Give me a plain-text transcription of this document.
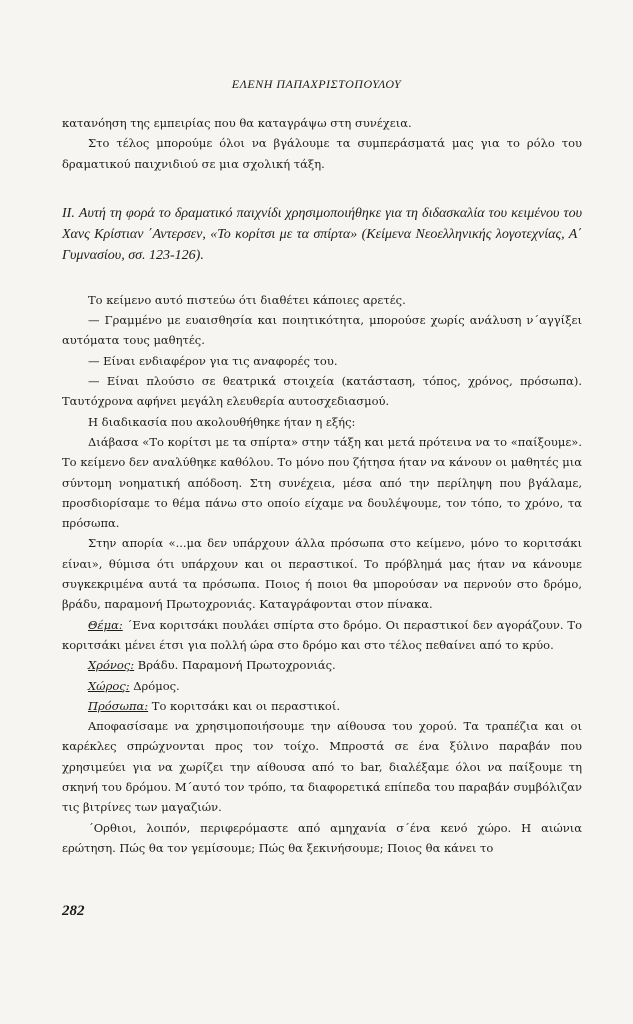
ΕΛΕΝΗ ΠΑΠΑΧΡΙΣΤΟΠΟΥΛΟΥ

κατανόηση της εμπειρίας που θα καταγράψω στη συνέχεια.

Στο τέλος μπορούμε όλοι να βγάλουμε τα συμπεράσματά μας για το ρόλο του δραματικού παιχνιδιού σε μια σχολική τάξη.

II. Αυτή τη φορά το δραματικό παιχνίδι χρησιμοποιήθηκε για τη διδασκαλία του κειμένου του Χανς Κρίστιαν ΄Αντερσεν, «Το κορίτσι με τα σπίρτα» (Κείμενα Νεοελληνικής λογοτεχνίας, Α΄ Γυμνασίου, σσ. 123-126).

Το κείμενο αυτό πιστεύω ότι διαθέτει κάποιες αρετές.

— Γραμμένο με ευαισθησία και ποιητικότητα, μπορούσε χωρίς ανάλυση ν΄αγγίξει αυτόματα τους μαθητές.

— Είναι ενδιαφέρον για τις αναφορές του.

— Είναι πλούσιο σε θεατρικά στοιχεία (κατάσταση, τόπος, χρόνος, πρόσωπα). Ταυτόχρονα αφήνει μεγάλη ελευθερία αυτοσχεδιασμού.

Η διαδικασία που ακολουθήθηκε ήταν η εξής:

Διάβασα «Το κορίτσι με τα σπίρτα» στην τάξη και μετά πρότεινα να το «παίξουμε». Το κείμενο δεν αναλύθηκε καθόλου. Το μόνο που ζήτησα ήταν να κάνουν οι μαθητές μια σύντομη νοηματική απόδοση. Στη συνέχεια, μέσα από την περίληψη που βγάλαμε, προσδιορίσαμε το θέμα πάνω στο οποίο είχαμε να δουλέψουμε, τον τόπο, το χρόνο, τα πρόσωπα.

Στην απορία «...μα δεν υπάρχουν άλλα πρόσωπα στο κείμενο, μόνο το κοριτσάκι είναι», θύμισα ότι υπάρχουν και οι περαστικοί. Το πρόβλημά μας ήταν να κάνουμε συγκεκριμένα αυτά τα πρόσωπα. Ποιος ή ποιοι θα μπορούσαν να περνούν στο δρόμο, βράδυ, παραμονή Πρωτοχρονιάς. Καταγράφονται στον πίνακα.

Θέμα: ΄Ενα κοριτσάκι πουλάει σπίρτα στο δρόμο. Οι περαστικοί δεν αγοράζουν. Το κοριτσάκι μένει έτσι για πολλή ώρα στο δρόμο και στο τέλος πεθαίνει από το κρύο.

Χρόνος: Βράδυ. Παραμονή Πρωτοχρονιάς.

Χώρος: Δρόμος.

Πρόσωπα: Το κοριτσάκι και οι περαστικοί.

Αποφασίσαμε να χρησιμοποιήσουμε την αίθουσα του χορού. Τα τραπέζια και οι καρέκλες σπρώχνονται προς τον τοίχο. Μπροστά σε ένα ξύλινο παραβάν που χρησιμεύει για να χωρίζει την αίθουσα από το bar, διαλέξαμε όλοι να παίξουμε τη σκηνή του δρόμου. Μ΄αυτό τον τρόπο, τα διαφορετικά επίπεδα του παραβάν συμβόλιζαν τις βιτρίνες των μαγαζιών.

΄Ορθιοι, λοιπόν, περιφερόμαστε από αμηχανία σ΄ένα κενό χώρο. Η αιώνια ερώτηση. Πώς θα τον γεμίσουμε; Πώς θα ξεκινήσουμε; Ποιος θα κάνει το

282
